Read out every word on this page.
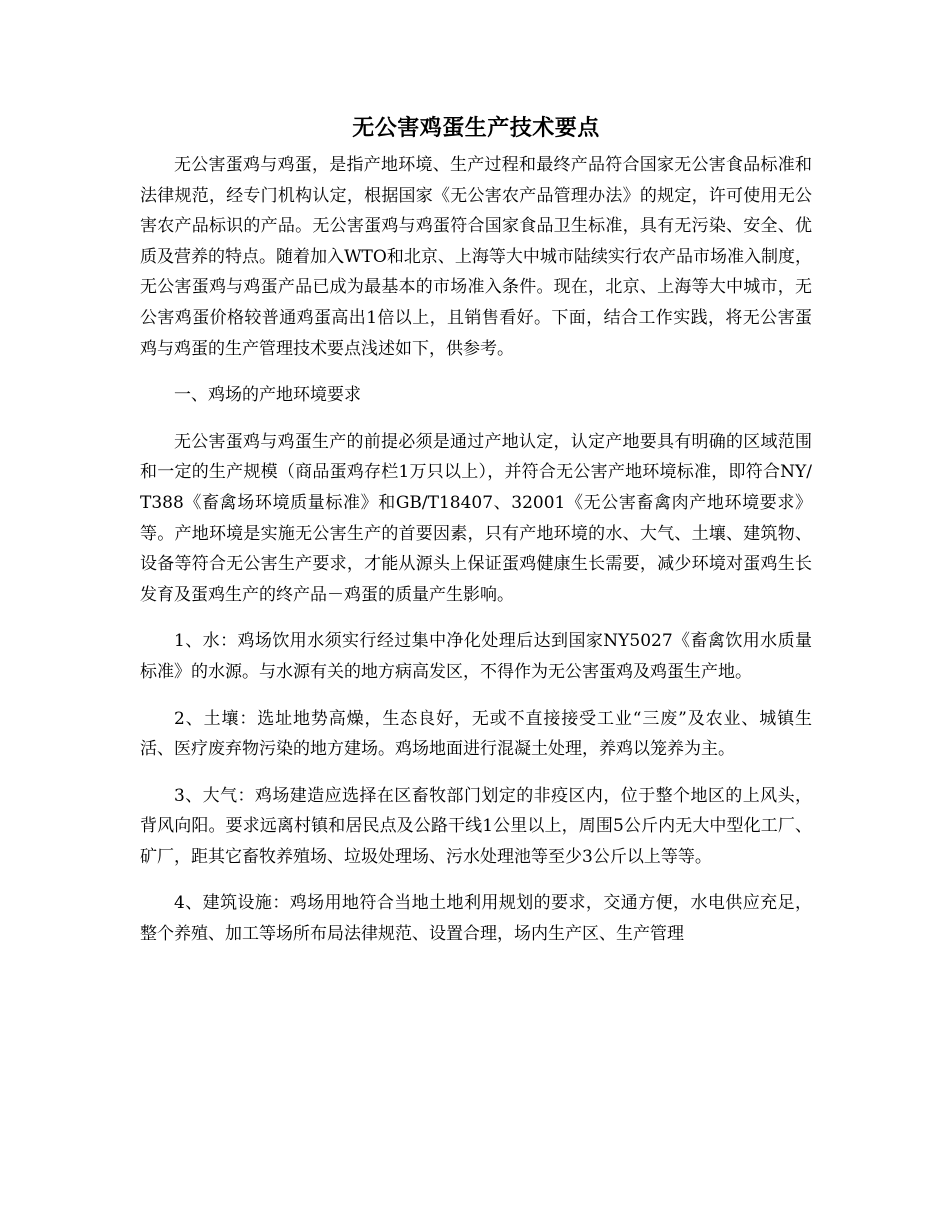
无公害鸡蛋生产技术要点

无公害蛋鸡与鸡蛋，是指产地环境、生产过程和最终产品符合国家无公害食品标准和法律规范，经专门机构认定，根据国家《无公害农产品管理办法》的规定，许可使用无公害农产品标识的产品。无公害蛋鸡与鸡蛋符合国家食品卫生标准，具有无污染、安全、优质及营养的特点。随着加入WTO和北京、上海等大中城市陆续实行农产品市场准入制度，无公害蛋鸡与鸡蛋产品已成为最基本的市场准入条件。现在，北京、上海等大中城市，无公害鸡蛋价格较普通鸡蛋高出1倍以上，且销售看好。下面，结合工作实践，将无公害蛋鸡与鸡蛋的生产管理技术要点浅述如下，供参考。

一、鸡场的产地环境要求

无公害蛋鸡与鸡蛋生产的前提必须是通过产地认定，认定产地要具有明确的区域范围和一定的生产规模（商品蛋鸡存栏1万只以上），并符合无公害产地环境标准，即符合NY/T388《畜禽场环境质量标准》和GB/T18407、32001《无公害畜禽肉产地环境要求》等。产地环境是实施无公害生产的首要因素，只有产地环境的水、大气、土壤、建筑物、设备等符合无公害生产要求，才能从源头上保证蛋鸡健康生长需要，减少环境对蛋鸡生长发育及蛋鸡生产的终产品－鸡蛋的质量产生影响。

1、水：鸡场饮用水须实行经过集中净化处理后达到国家NY5027《畜禽饮用水质量标准》的水源。与水源有关的地方病高发区，不得作为无公害蛋鸡及鸡蛋生产地。

2、土壤：选址地势高燥，生态良好，无或不直接接受工业“三废”及农业、城镇生活、医疗废弃物污染的地方建场。鸡场地面进行混凝土处理，养鸡以笼养为主。

3、大气：鸡场建造应选择在区畜牧部门划定的非疫区内，位于整个地区的上风头，背风向阳。要求远离村镇和居民点及公路干线1公里以上，周围5公斤内无大中型化工厂、矿厂，距其它畜牧养殖场、垃圾处理场、污水处理池等至少3公斤以上等等。

4、建筑设施：鸡场用地符合当地土地利用规划的要求，交通方便，水电供应充足，整个养殖、加工等场所布局法律规范、设置合理，场内生产区、生产管理
